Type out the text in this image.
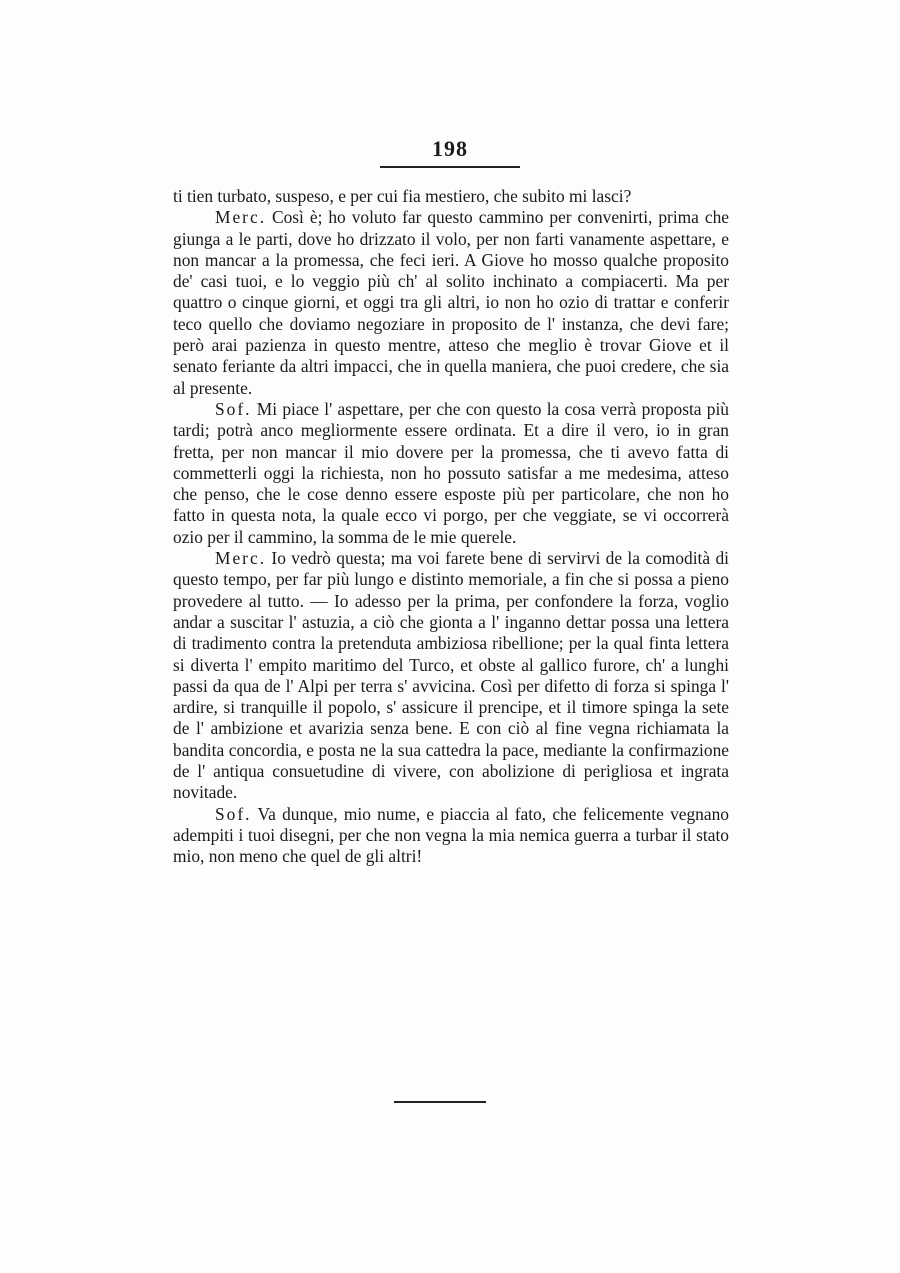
198

ti tien turbato, suspeso, e per cui fia mestiero, che subito mi lasci?

Merc. Così è; ho voluto far questo cammino per convenirti, prima che giunga a le parti, dove ho drizzato il volo, per non farti vanamente aspettare, e non mancar a la promessa, che feci ieri. A Giove ho mosso qualche proposito de' casi tuoi, e lo veggio più ch' al solito inchinato a compiacerti. Ma per quattro o cinque giorni, et oggi tra gli altri, io non ho ozio di trattar e conferir teco quello che doviamo negoziare in proposito de l' instanza, che devi fare; però arai pazienza in questo mentre, atteso che meglio è trovar Giove et il senato feriante da altri impacci, che in quella maniera, che puoi credere, che sia al presente.

Sof. Mi piace l' aspettare, per che con questo la cosa verrà proposta più tardi; potrà anco megliormente essere ordinata. Et a dire il vero, io in gran fretta, per non mancar il mio dovere per la promessa, che ti avevo fatta di commetterli oggi la richiesta, non ho possuto satisfar a me medesima, atteso che penso, che le cose denno essere esposte più per particolare, che non ho fatto in questa nota, la quale ecco vi porgo, per che veggiate, se vi occorrerà ozio per il cammino, la somma de le mie querele.

Merc. Io vedrò questa; ma voi farete bene di servirvi de la comodità di questo tempo, per far più lungo e distinto memoriale, a fin che si possa a pieno provedere al tutto. — Io adesso per la prima, per confondere la forza, voglio andar a suscitar l' astuzia, a ciò che gionta a l' inganno dettar possa una lettera di tradimento contra la pretenduta ambiziosa ribellione; per la qual finta lettera si diverta l' empito maritimo del Turco, et obste al gallico furore, ch' a lunghi passi da qua de l' Alpi per terra s' avvicina. Così per difetto di forza si spinga l' ardire, si tranquille il popolo, s' assicure il prencipe, et il timore spinga la sete de l' ambizione et avarizia senza bene. E con ciò al fine vegna richiamata la bandita concordia, e posta ne la sua cattedra la pace, mediante la confirmazione de l' antiqua consuetudine di vivere, con abolizione di perigliosa et ingrata novitade.

Sof. Va dunque, mio nume, e piaccia al fato, che felicemente vegnano adempiti i tuoi disegni, per che non vegna la mia nemica guerra a turbar il stato mio, non meno che quel de gli altri!
